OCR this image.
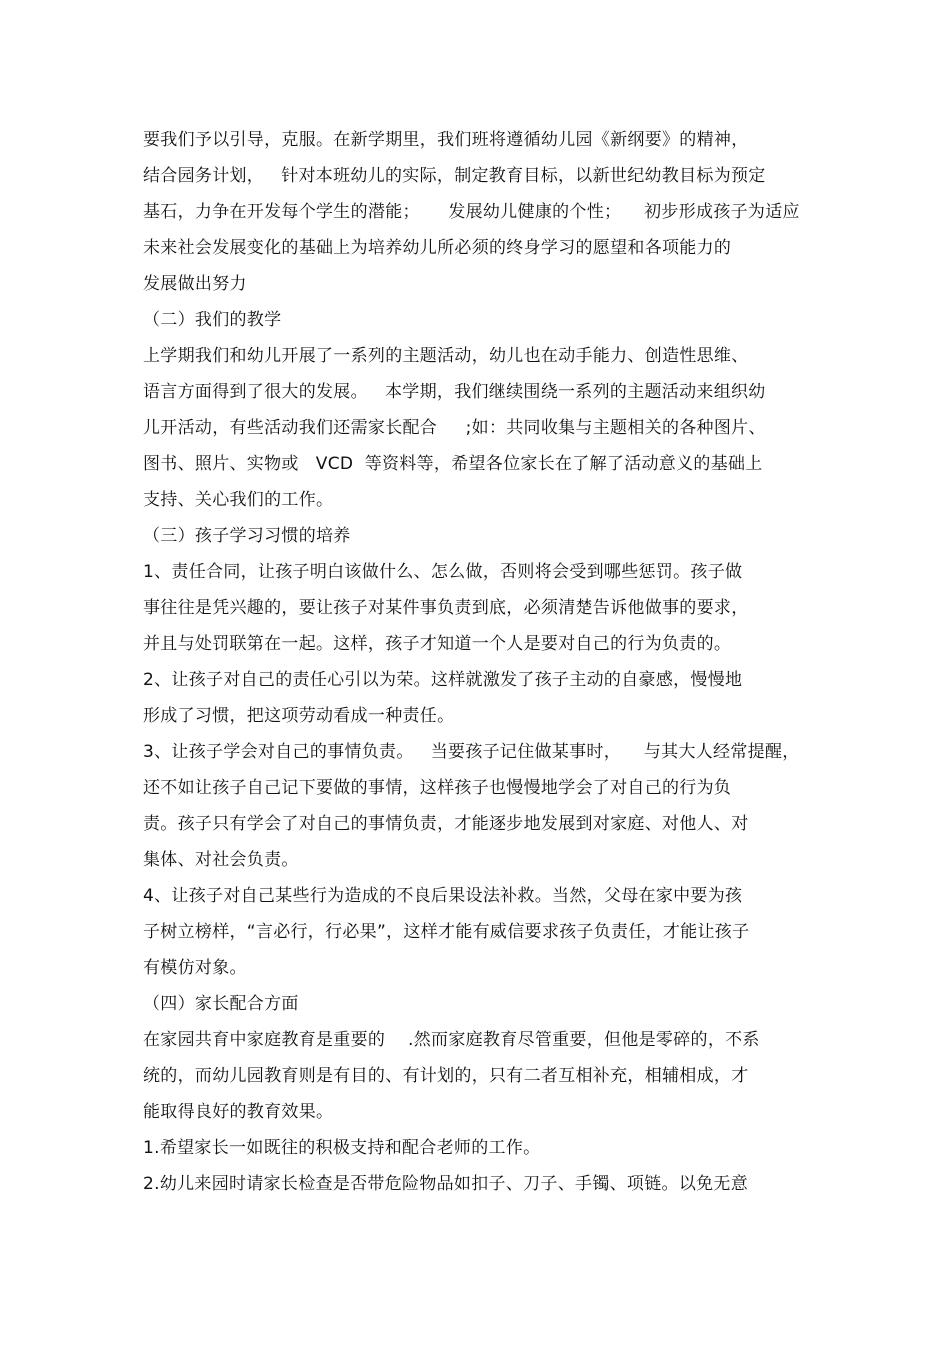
要我们予以引导，克服。在新学期里，我们班将遵循幼儿园《新纲要》的精神，
结合园务计划，   针对本班幼儿的实际，制定教育目标，以新世纪幼教目标为预定
基石，力争在开发每个学生的潜能；     发展幼儿健康的个性；    初步形成孩子为适应
未来社会发展变化的基础上为培养幼儿所必须的终身学习的愿望和各项能力的
发展做出努力
（二）我们的教学
上学期我们和幼儿开展了一系列的主题活动，幼儿也在动手能力、创造性思维、
语言方面得到了很大的发展。   本学期，我们继续围绕一系列的主题活动来组织幼
儿开活动，有些活动我们还需家长配合     ;如：共同收集与主题相关的各种图片、
图书、照片、实物或   VCD  等资料等，希望各位家长在了解了活动意义的基础上
支持、关心我们的工作。
（三）孩子学习习惯的培养
1、责任合同，让孩子明白该做什么、怎么做，否则将会受到哪些惩罚。孩子做
事往往是凭兴趣的，要让孩子对某件事负责到底，必须清楚告诉他做事的要求，
并且与处罚联第在一起。这样，孩子才知道一个人是要对自己的行为负责的。
2、让孩子对自己的责任心引以为荣。这样就激发了孩子主动的自豪感，慢慢地
形成了习惯，把这项劳动看成一种责任。
3、让孩子学会对自己的事情负责。   当要孩子记住做某事时，    与其大人经常提醒，
还不如让孩子自己记下要做的事情，这样孩子也慢慢地学会了对自己的行为负
责。孩子只有学会了对自己的事情负责，才能逐步地发展到对家庭、对他人、对
集体、对社会负责。
4、让孩子对自己某些行为造成的不良后果设法补救。当然，父母在家中要为孩
子树立榜样，“言必行，行必果”，这样才能有威信要求孩子负责任，才能让孩子
有模仿对象。
（四）家长配合方面
在家园共育中家庭教育是重要的    .然而家庭教育尽管重要，但他是零碎的，不系
统的，而幼儿园教育则是有目的、有计划的，只有二者互相补充，相辅相成，才
能取得良好的教育效果。
1.希望家长一如既往的积极支持和配合老师的工作。
2.幼儿来园时请家长检查是否带危险物品如扣子、刀子、手镯、项链。以免无意
